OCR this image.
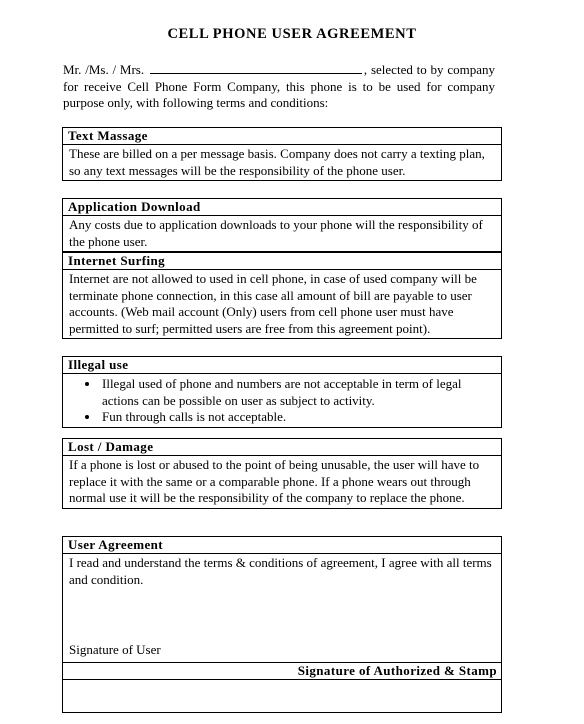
CELL PHONE USER AGREEMENT
Mr. /Ms. / Mrs.	, selected to by company for receive Cell Phone Form Company, this phone is to be used for company purpose only, with following terms and conditions:
Text Massage
These are billed on a per message basis. Company does not carry a texting plan, so any text messages will be the responsibility of the phone user.
Application Download
Any costs due to application downloads to your phone will the responsibility of the phone user.
Internet Surfing
Internet are not allowed to used in cell phone, in case of used company will be terminate phone connection, in this case all amount of bill are payable to user accounts. (Web mail account (Only) users from cell phone user must have permitted to surf; permitted users are free from this agreement point).
Illegal use
• Illegal used of phone and numbers are not acceptable in term of legal actions can be possible on user as subject to activity.
• Fun through calls is not acceptable.
Lost / Damage
If a phone is lost or abused to the point of being unusable, the user will have to replace it with the same or a comparable phone. If a phone wears out through normal use it will be the responsibility of the company to replace the phone.
User Agreement
I read and understand the terms & conditions of agreement, I agree with all terms and condition.
Signature of User
Signature of Authorized & Stamp
